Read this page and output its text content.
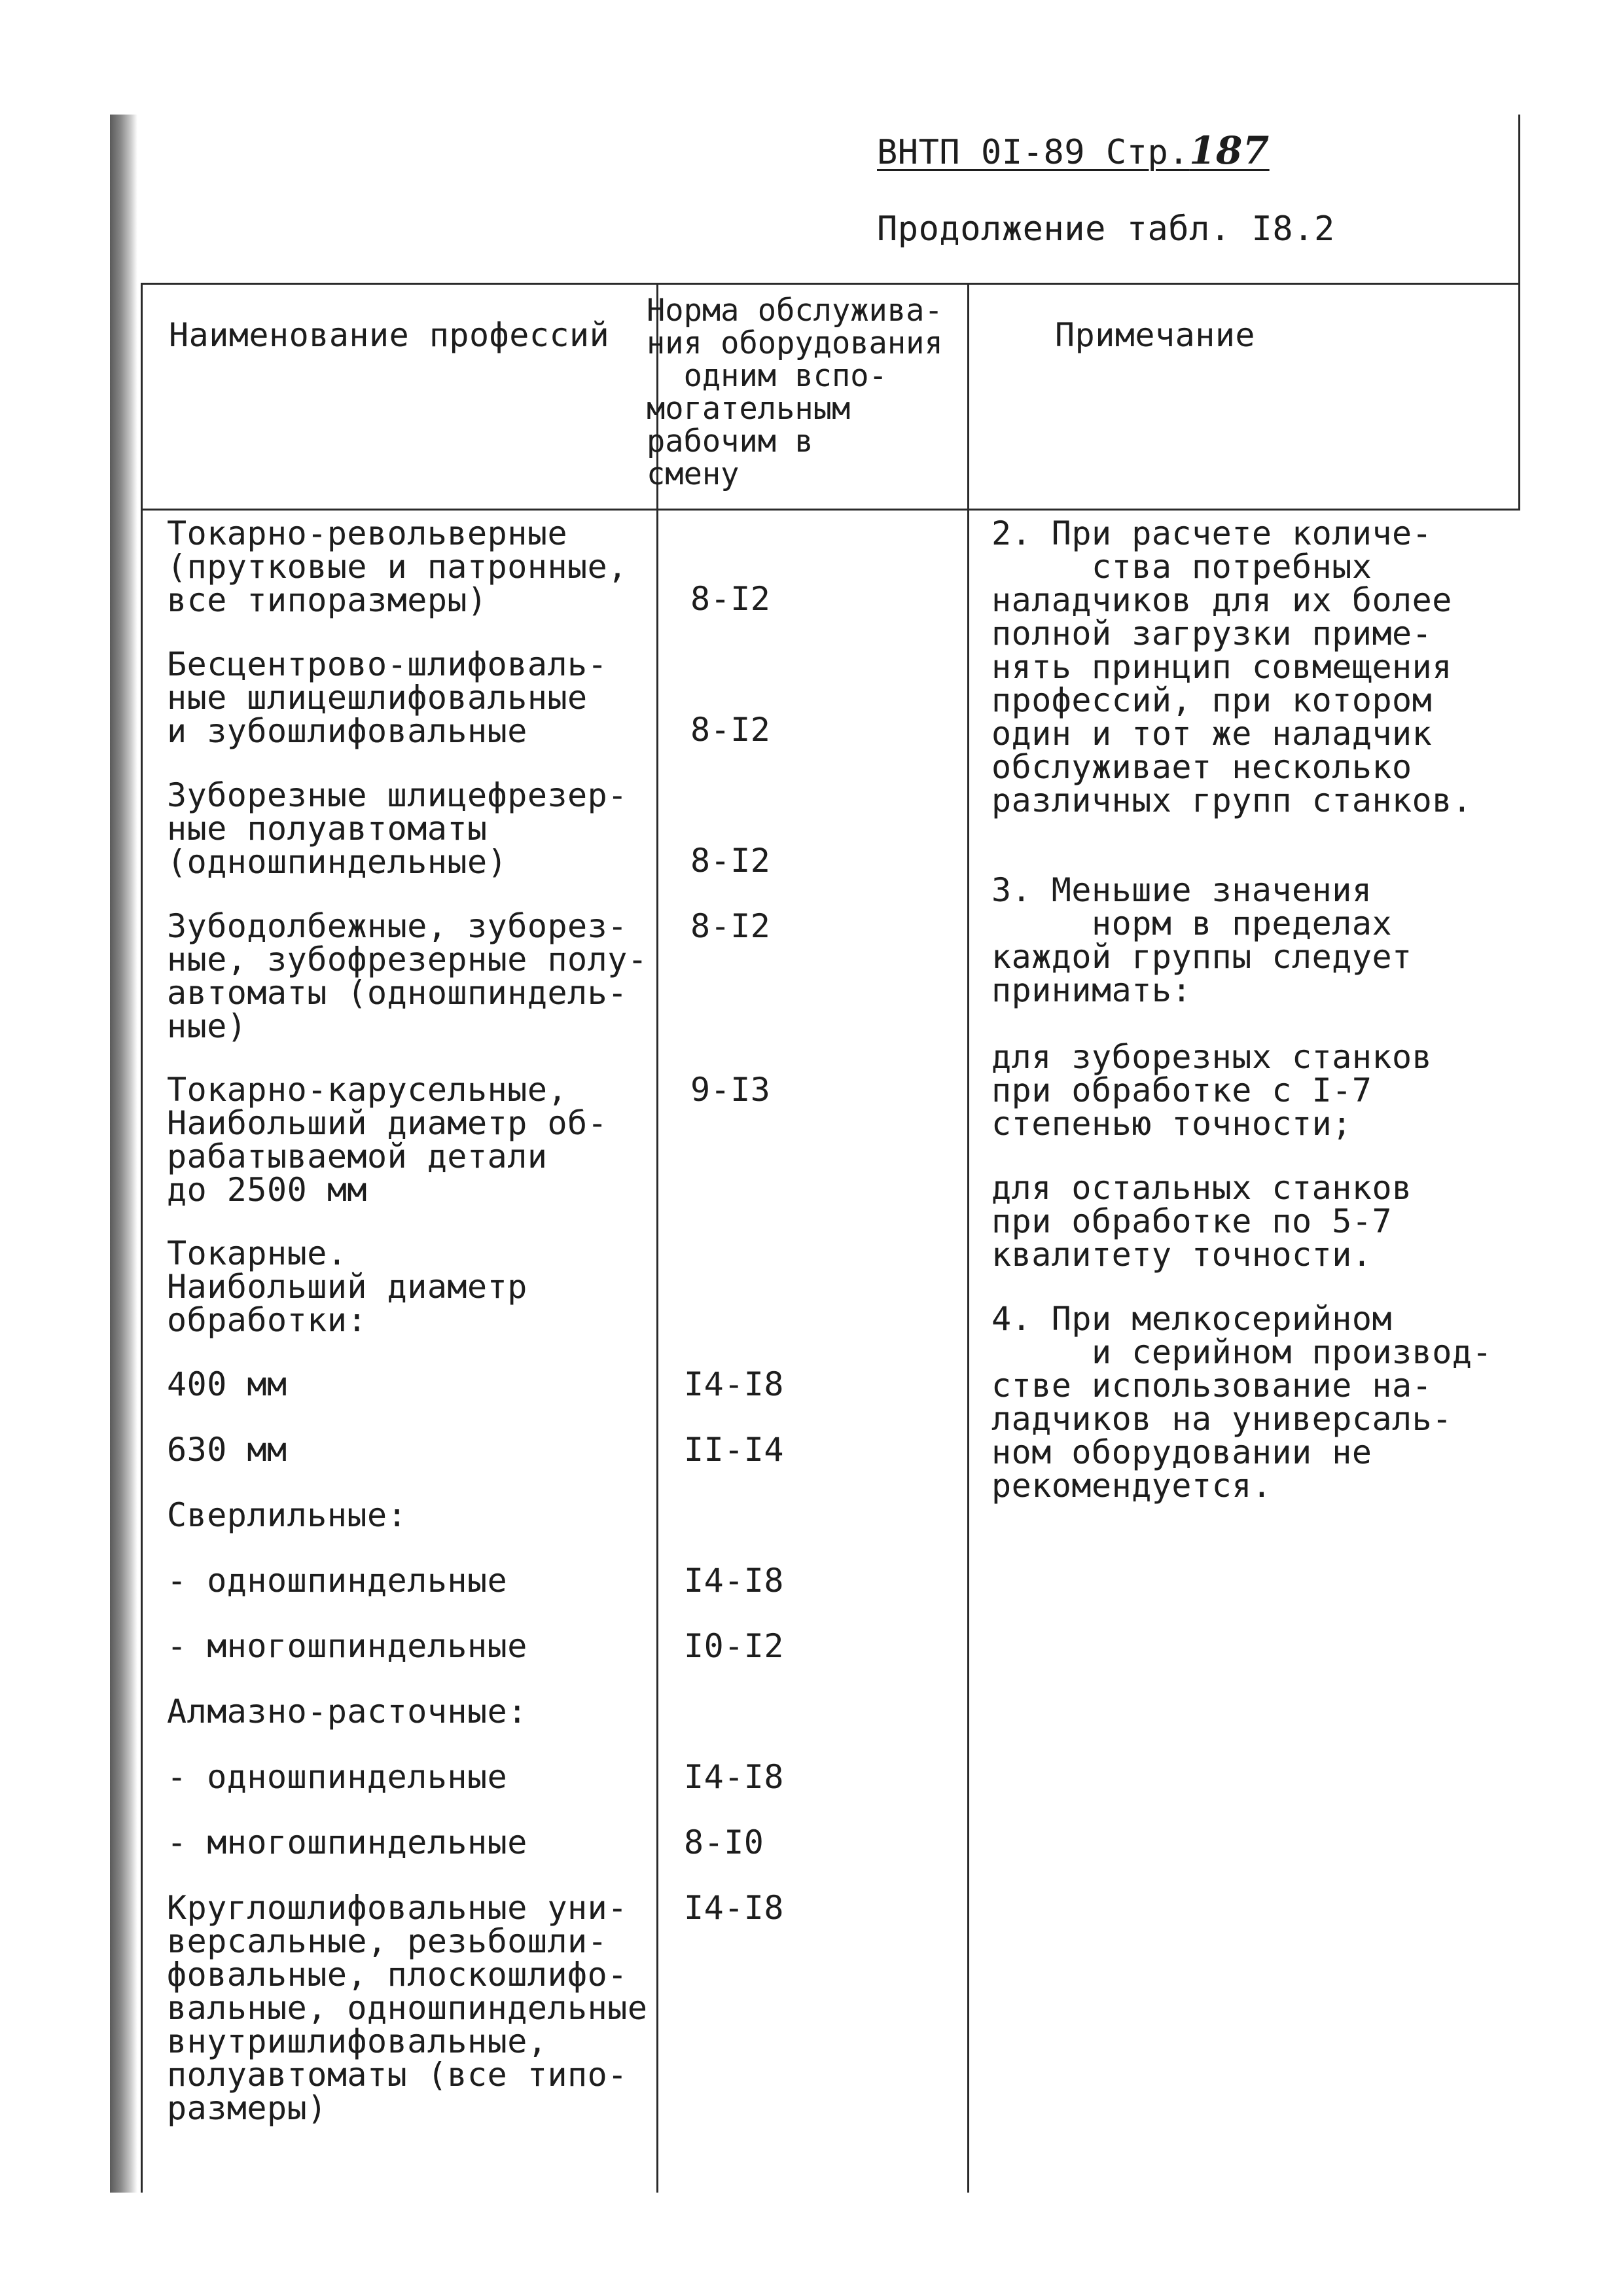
ВНТП 0I-89 Стр.187
Продолжение табл. I8.2
Наименование профессий
Норма обслужива-
ния оборудования
одним вспо-
могательным
рабочим в
смену
Примечание
Токарно-револьверные
(прутковые и патронные,
все типоразмеры)
Бесцентрово-шлифоваль-
ные шлицешлифовальные
и зубошлифовальные
Зуборезные шлицефрезер-
ные полуавтоматы
(одношпиндельные)
Зубодолбежные, зуборез-
ные, зубофрезерные полу-
автоматы (одношпиндель-
ные)
Токарно-карусельные,
Наибольший диаметр об-
рабатываемой детали
до 2500 мм
Токарные.
Наибольший диаметр
обработки:
400 мм
630 мм
Сверлильные:
- одношпиндельные
- многошпиндельные
Алмазно-расточные:
- одношпиндельные
- многошпиндельные
Круглошлифовальные уни-
версальные, резьбошли-
фовальные, плоскошлифо-
вальные, одношпиндельные
внутришлифовальные,
полуавтоматы (все типо-
размеры)
8-I2
8-I2
8-I2
8-I2
9-I3
I4-I8
II-I4
I4-I8
I0-I2
I4-I8
8-I0
I4-I8
2. При расчете количе-
ства потребных
наладчиков для их более
полной загрузки приме-
нять принцип совмещения
профессий, при котором
один и тот же наладчик
обслуживает несколько
различных групп станков.
3. Меньшие значения
норм в пределах
каждой группы следует
принимать:
для зуборезных станков
при обработке с I-7
степенью точности;
для остальных станков
при обработке по 5-7
квалитету точности.
4. При мелкосерийном
и серийном производ-
стве использование на-
ладчиков на универсаль-
ном оборудовании не
рекомендуется.
